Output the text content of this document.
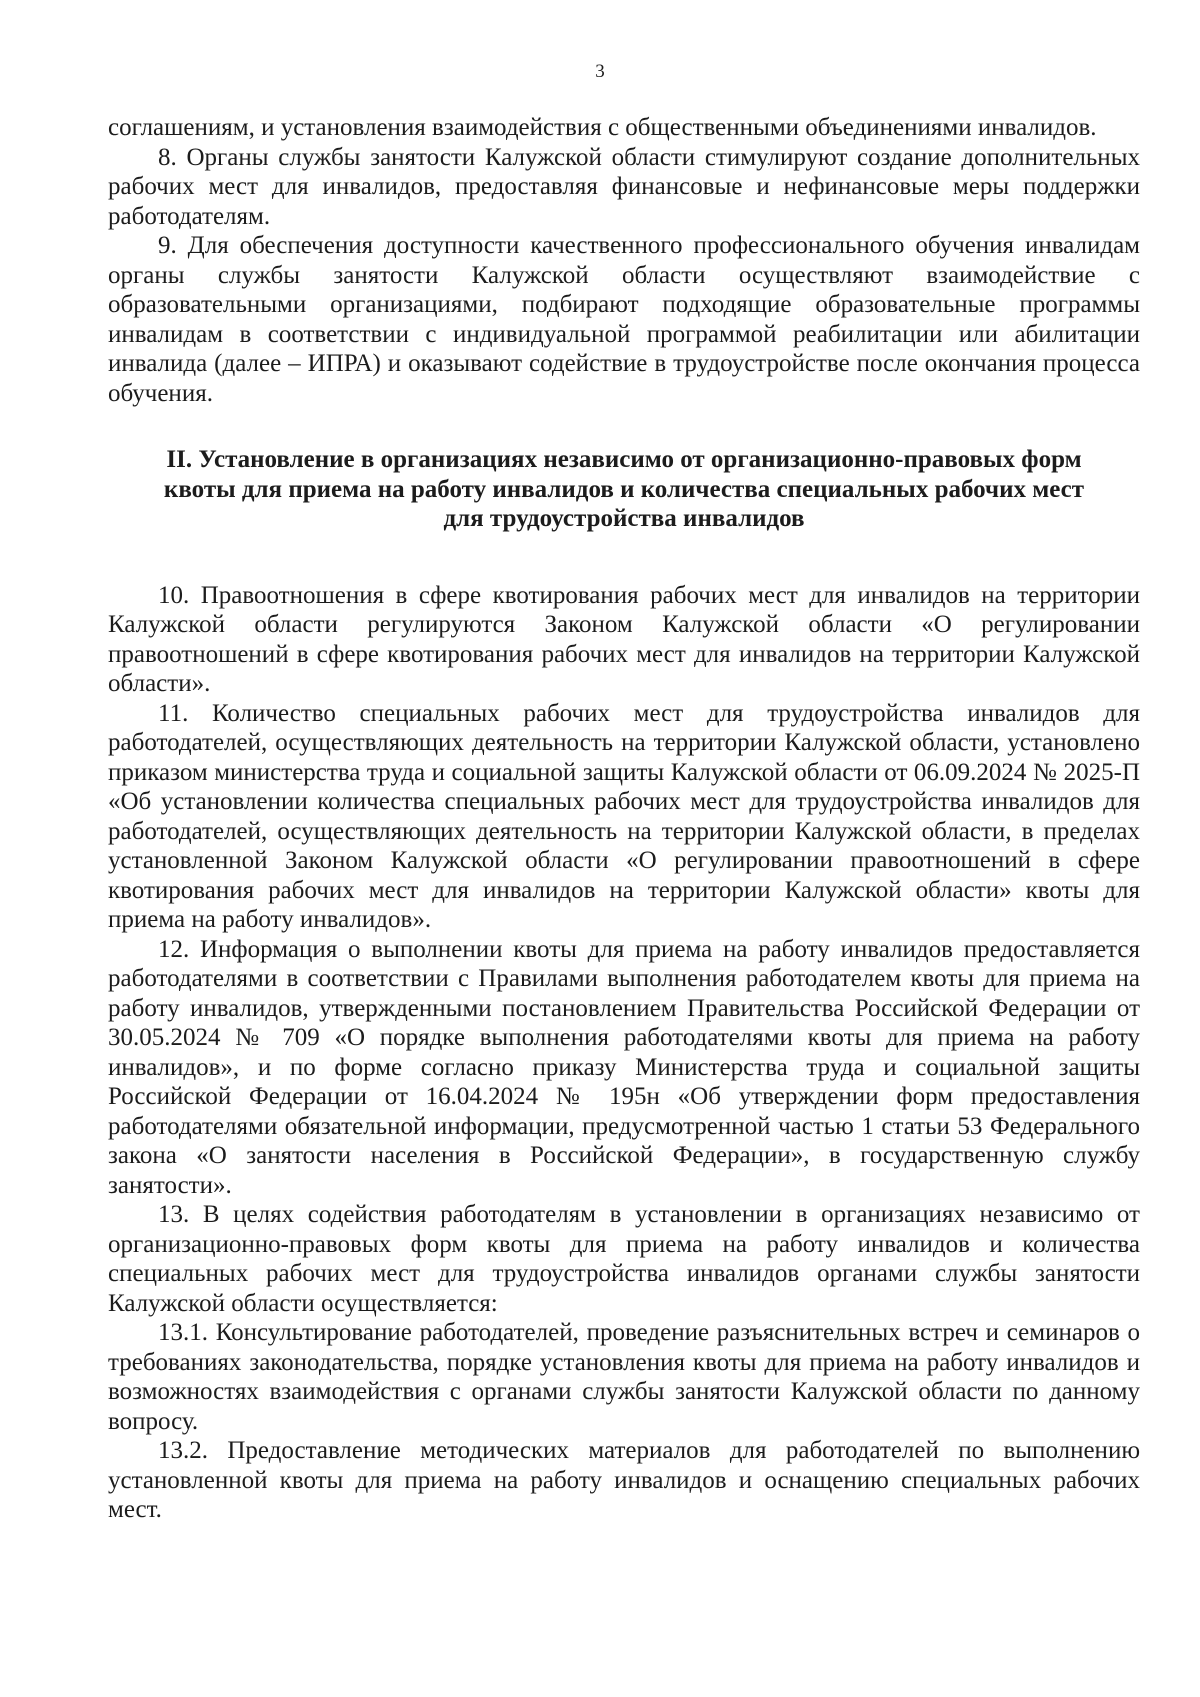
3

соглашениям, и установления взаимодействия с общественными объединениями инвалидов.

8. Органы службы занятости Калужской области стимулируют создание дополнительных рабочих мест для инвалидов, предоставляя финансовые и нефинансовые меры поддержки работодателям.

9. Для обеспечения доступности качественного профессионального обучения инвалидам органы службы занятости Калужской области осуществляют взаимодействие с образовательными организациями, подбирают подходящие образовательные программы инвалидам в соответствии с индивидуальной программой реабилитации или абилитации инвалида (далее – ИПРА) и оказывают содействие в трудоустройстве после окончания процесса обучения.

II. Установление в организациях независимо от организационно-правовых форм
квоты для приема на работу инвалидов и количества специальных рабочих мест
для трудоустройства инвалидов

10. Правоотношения в сфере квотирования рабочих мест для инвалидов на территории Калужской области регулируются Законом Калужской области «О регулировании правоотношений в сфере квотирования рабочих мест для инвалидов на территории Калужской области».

11. Количество специальных рабочих мест для трудоустройства инвалидов для работодателей, осуществляющих деятельность на территории Калужской области, установлено приказом министерства труда и социальной защиты Калужской области от 06.09.2024 № 2025-П «Об установлении количества специальных рабочих мест для трудоустройства инвалидов для работодателей, осуществляющих деятельность на территории Калужской области, в пределах установленной Законом Калужской области «О регулировании правоотношений в сфере квотирования рабочих мест для инвалидов на территории Калужской области» квоты для приема на работу инвалидов».

12. Информация о выполнении квоты для приема на работу инвалидов предоставляется работодателями в соответствии с Правилами выполнения работодателем квоты для приема на работу инвалидов, утвержденными постановлением Правительства Российской Федерации от 30.05.2024 № 709 «О порядке выполнения работодателями квоты для приема на работу инвалидов», и по форме согласно приказу Министерства труда и социальной защиты Российской Федерации от 16.04.2024 № 195н «Об утверждении форм предоставления работодателями обязательной информации, предусмотренной частью 1 статьи 53 Федерального закона «О занятости населения в Российской Федерации», в государственную службу занятости».

13. В целях содействия работодателям в установлении в организациях независимо от организационно-правовых форм квоты для приема на работу инвалидов и количества специальных рабочих мест для трудоустройства инвалидов органами службы занятости Калужской области осуществляется:

13.1. Консультирование работодателей, проведение разъяснительных встреч и семинаров о требованиях законодательства, порядке установления квоты для приема на работу инвалидов и возможностях взаимодействия с органами службы занятости Калужской области по данному вопросу.

13.2. Предоставление методических материалов для работодателей по выполнению установленной квоты для приема на работу инвалидов и оснащению специальных рабочих мест.
